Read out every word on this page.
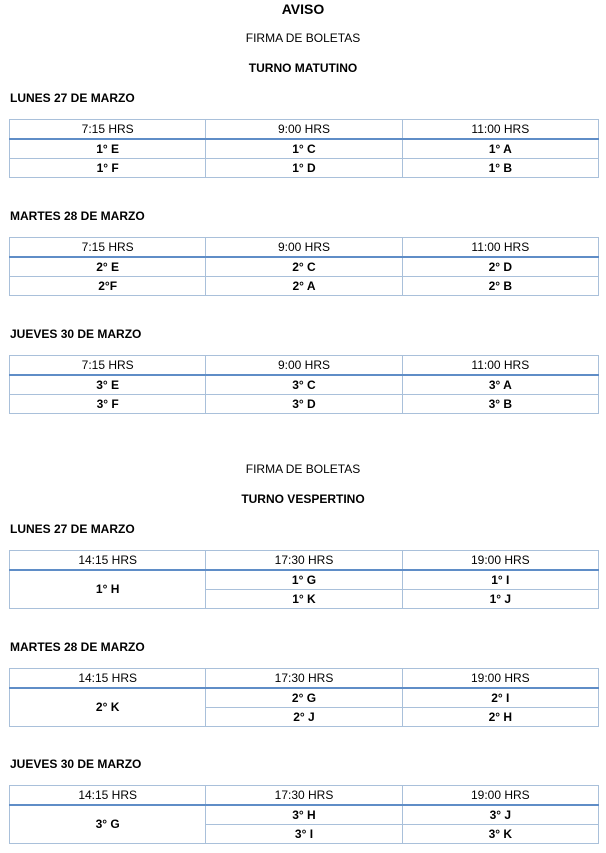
AVISO
FIRMA DE BOLETAS
TURNO MATUTINO
LUNES 27 DE MARZO
7:15 HRS	9:00 HRS	11:00 HRS
1° E	1° C	1° A
1° F	1° D	1° B
MARTES 28 DE MARZO
7:15 HRS	9:00 HRS	11:00 HRS
2° E	2° C	2° D
2°F	2° A	2° B
JUEVES 30 DE MARZO
7:15 HRS	9:00 HRS	11:00 HRS
3° E	3° C	3° A
3° F	3° D	3° B
FIRMA DE BOLETAS
TURNO VESPERTINO
LUNES 27 DE MARZO
14:15 HRS	17:30 HRS	19:00 HRS
1° H	1° G	1° I
	1° K	1° J
MARTES 28 DE MARZO
14:15 HRS	17:30 HRS	19:00 HRS
2° K	2° G	2° I
	2° J	2° H
JUEVES 30 DE MARZO
14:15 HRS	17:30 HRS	19:00 HRS
3° G	3° H	3° J
	3° I	3° K
